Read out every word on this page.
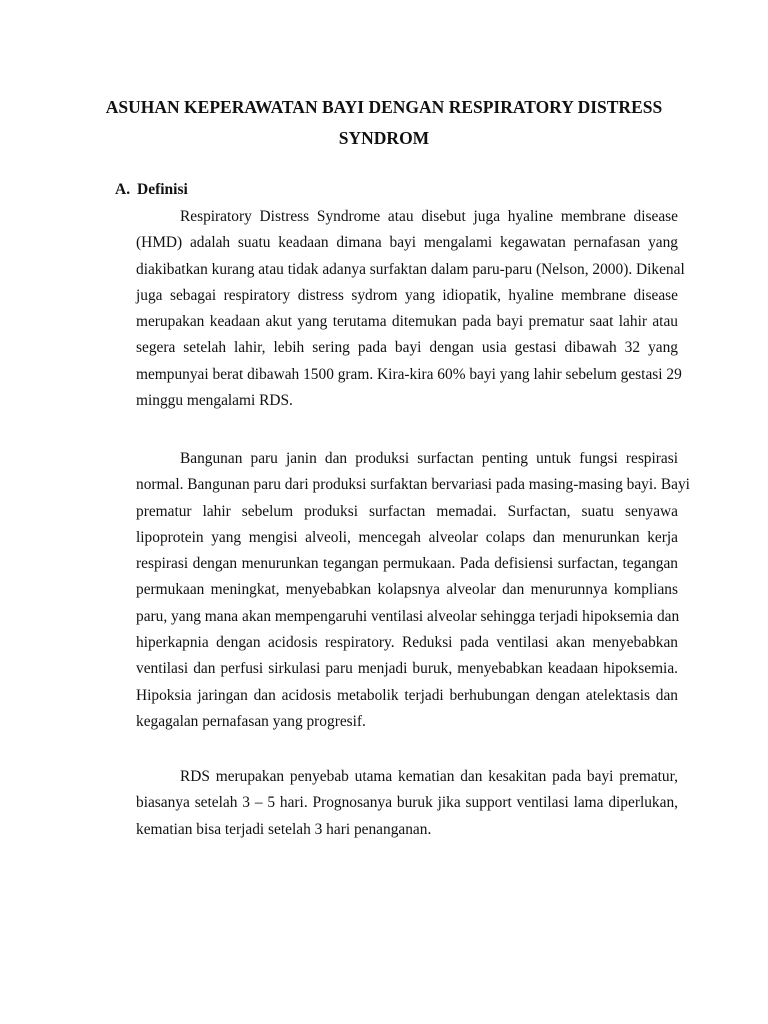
ASUHAN KEPERAWATAN BAYI DENGAN RESPIRATORY DISTRESS
SYNDROM
A. Definisi
Respiratory Distress Syndrome atau disebut juga hyaline membrane disease
(HMD) adalah suatu keadaan dimana bayi mengalami kegawatan pernafasan yang
diakibatkan kurang atau tidak adanya surfaktan dalam paru-paru (Nelson, 2000). Dikenal
juga sebagai respiratory distress sydrom yang idiopatik, hyaline membrane disease
merupakan keadaan akut yang terutama ditemukan pada bayi prematur saat lahir atau
segera setelah lahir, lebih sering pada bayi dengan usia gestasi dibawah 32 yang
mempunyai berat dibawah 1500 gram. Kira-kira 60% bayi yang lahir sebelum gestasi 29
minggu mengalami RDS.
Bangunan paru janin dan produksi surfactan penting untuk fungsi respirasi
normal. Bangunan paru dari produksi surfaktan bervariasi pada masing-masing bayi. Bayi
prematur lahir sebelum produksi surfactan memadai. Surfactan, suatu senyawa
lipoprotein yang mengisi alveoli, mencegah alveolar colaps dan menurunkan kerja
respirasi dengan menurunkan tegangan permukaan. Pada defisiensi surfactan, tegangan
permukaan meningkat, menyebabkan kolapsnya alveolar dan menurunnya komplians
paru, yang mana akan mempengaruhi ventilasi alveolar sehingga terjadi hipoksemia dan
hiperkapnia dengan acidosis respiratory. Reduksi pada ventilasi akan menyebabkan
ventilasi dan perfusi sirkulasi paru menjadi buruk, menyebabkan keadaan hipoksemia.
Hipoksia jaringan dan acidosis metabolik terjadi berhubungan dengan atelektasis dan
kegagalan pernafasan yang progresif.
RDS merupakan penyebab utama kematian dan kesakitan pada bayi prematur,
biasanya setelah 3 – 5 hari. Prognosanya buruk jika support ventilasi lama diperlukan,
kematian bisa terjadi setelah 3 hari penanganan.
